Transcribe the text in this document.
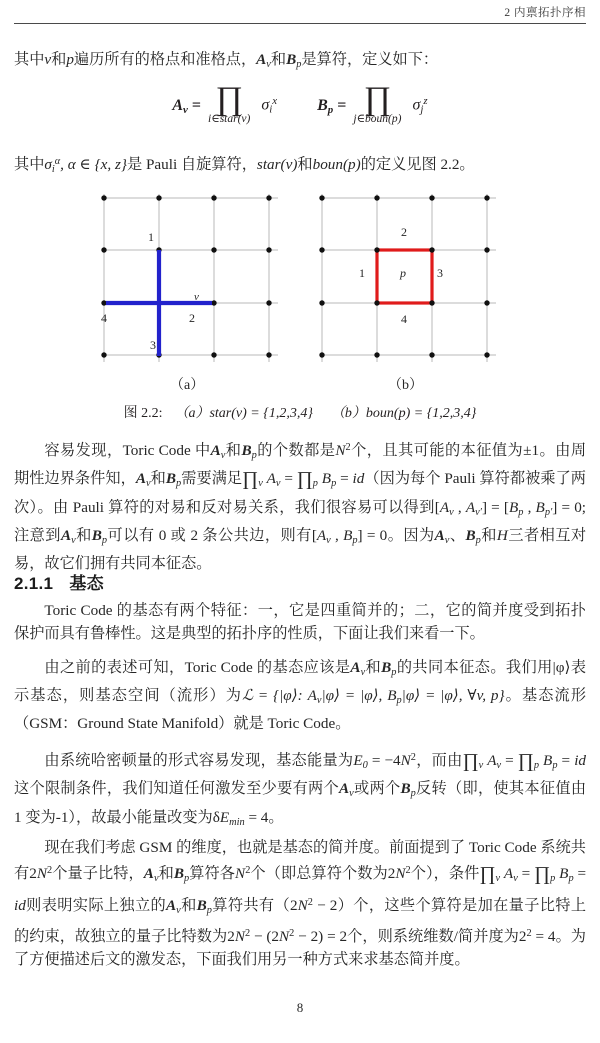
2 内禀拓扑序相
其中v和p遍历所有的格点和准格点，$A_v$和$B_p$是算符，定义如下：
$A_v$ = ∏
i∈star(v)
$\sigma_i^x$	$B_p$ = ∏
j∈boun(p)
$\sigma_j^z$
其中$\sigma_i^\alpha$, α ∈ {x, z}是 Pauli 自旋算符，star(v)和boun(p)的定义见图 2.2。
1
v
2
3
4
（a）
2
1	p	3
4
（b）
图 2.2: （a）star(v) = {1,2,3,4} （b）boun(p) = {1,2,3,4}
容易发现，Toric Code 中$A_v$和$B_p$的个数都是$N^2$个，且其可能的本征值为±1。由周期性边界条件知，$A_v$和$B_p$需要满足$\prod_v$ $A_v$ = $\prod_p$ $B_p = id$（因为每个 Pauli 算符都被乘了两次）。由 Pauli 算符的对易和反对易关系，我们很容易可以得到[$A_v$ , $A_{v'}] = [B_p$ , $B_{p'}] = 0$;注意到$A_v$和$B_p$可以有 0 或 2 条公共边，则有[$A_v$ , $B_p] = 0$。因为$A_v$、$B_p$和H三者相互对易，故它们拥有共同本征态。
2.1.1 基态
Toric Code 的基态有两个特征：一，它是四重简并的；二，它的简并度受到拓扑保护而具有鲁棒性。这是典型的拓扑序的性质，下面让我们来看一下。
由之前的表述可知，Toric Code 的基态应该是$A_v$和$B_p$的共同本征态。我们用|φ⟩表示基态，则基态空间（流形）为ℒ = {|φ⟩: $A_v|\varphi⟩$ = |φ⟩, $B_p|\varphi⟩$ = |φ⟩, ∀v, p}。基态流形（GSM：Ground State Manifold）就是 Toric Code。
由系统哈密顿量的形式容易发现，基态能量为$E_0 = -4N^2$，而由$\prod_v$ $A_v$ = $\prod_p$ $B_p$ = id这个限制条件，我们知道任何激发至少要有两个$A_v$或两个$B_p$反转（即，使其本征值由 1 变为-1），故最小能量改变为$\delta E_{min} = 4$。
现在我们考虑 GSM 的维度，也就是基态的简并度。前面提到了 Toric Code 系统共有$2N^2$个量子比特，$A_v$和$B_p$算符各$N^2$个（即总算符个数为$2N^2$个），条件$\prod_v$ $A_v$ = $\prod_p$ $B_p$ = id则表明实际上独立的$A_v$和$B_p$算符共有$(2N^2 - 2)$个，这些个算符是加在量子比特上的约束，故独立的量子比特数为$2N^2 - (2N^2 - 2) = 2$个，则系统维数/简并度为$2^2 = 4$。为了方便描述后文的激发态，下面我们用另一种方式来求基态简并度。
8
